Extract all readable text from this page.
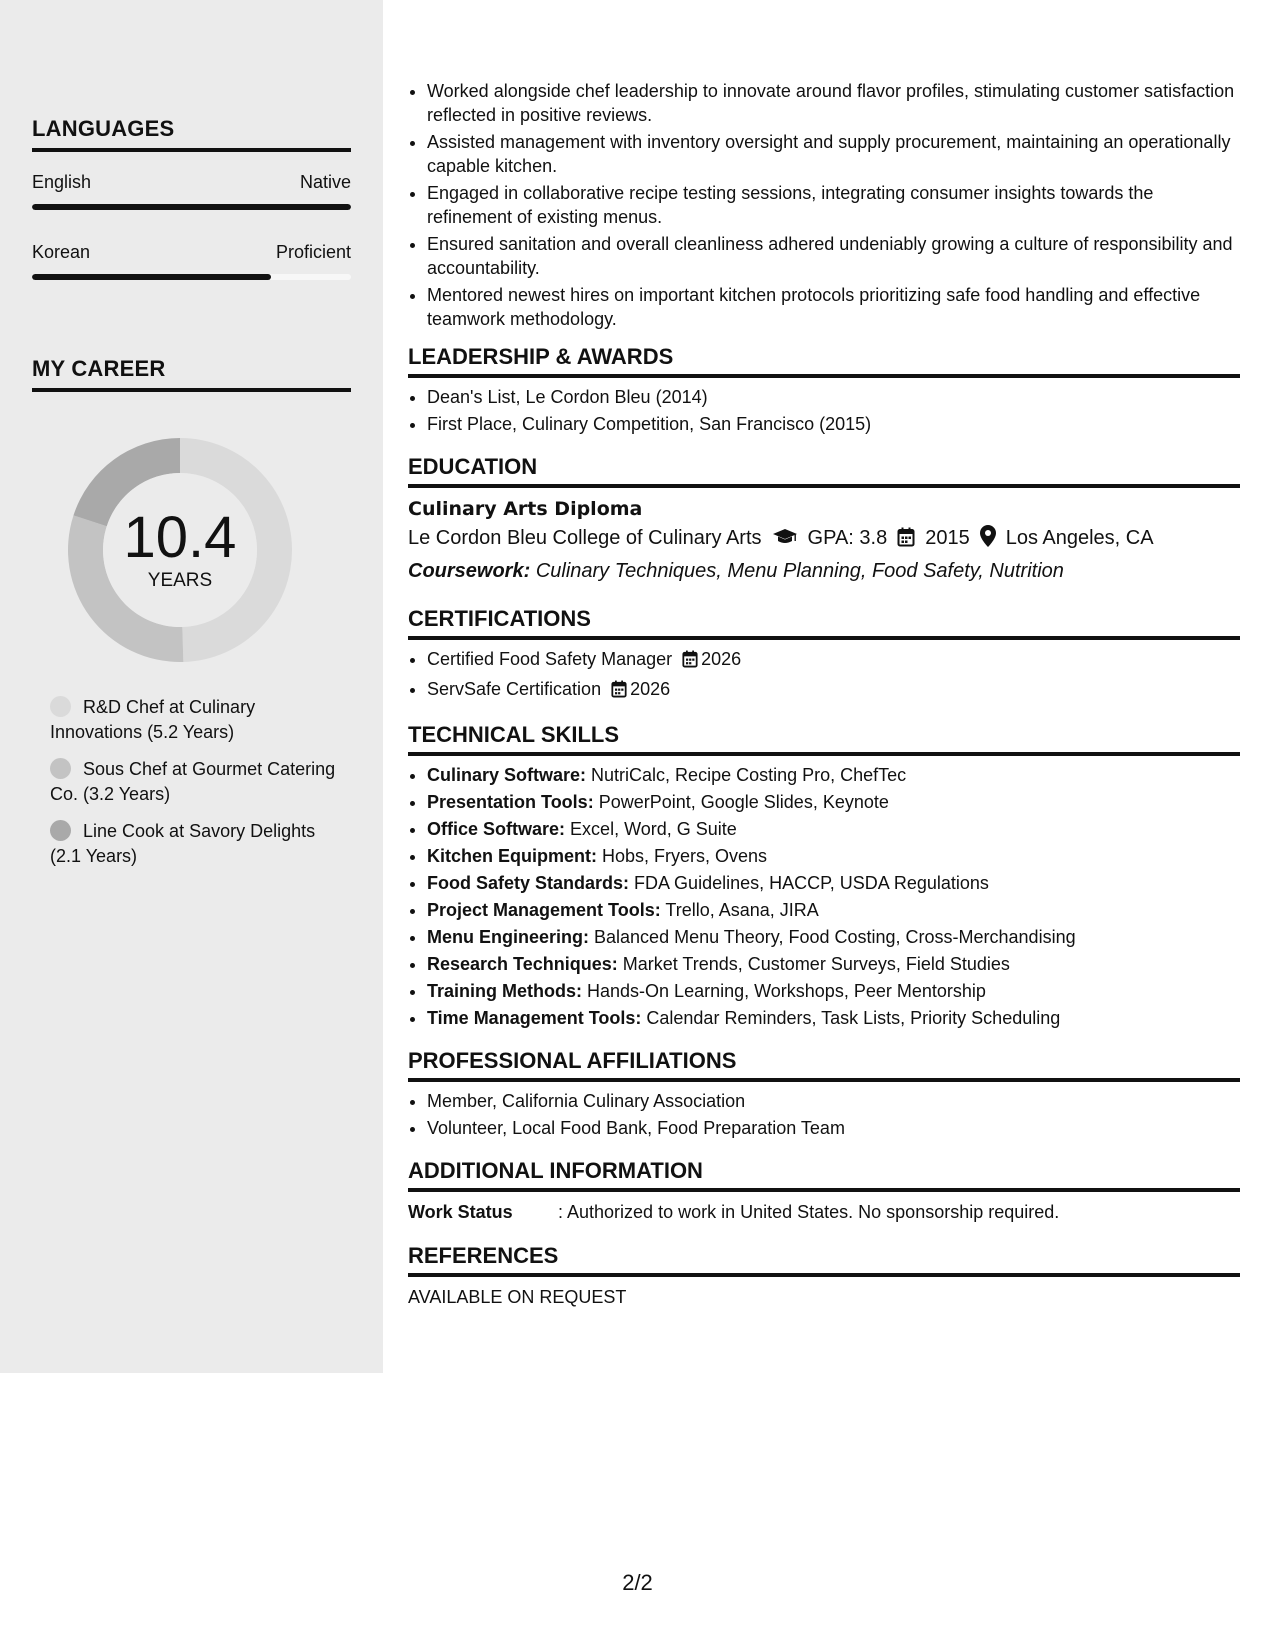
LANGUAGES
English	Native
Korean	Proficient
MY CAREER
10.4
YEARS
R&D Chef at Culinary Innovations (5.2 Years)
Sous Chef at Gourmet Catering Co. (3.2 Years)
Line Cook at Savory Delights (2.1 Years)
• Worked alongside chef leadership to innovate around flavor profiles, stimulating customer satisfaction reflected in positive reviews.
• Assisted management with inventory oversight and supply procurement, maintaining an operationally capable kitchen.
• Engaged in collaborative recipe testing sessions, integrating consumer insights towards the refinement of existing menus.
• Ensured sanitation and overall cleanliness adhered undeniably growing a culture of responsibility and accountability.
• Mentored newest hires on important kitchen protocols prioritizing safe food handling and effective teamwork methodology.
LEADERSHIP & AWARDS
• Dean's List, Le Cordon Bleu (2014)
• First Place, Culinary Competition, San Francisco (2015)
EDUCATION
Culinary Arts Diploma
Le Cordon Bleu College of Culinary Arts GPA: 3.8 2015 Los Angeles, CA
Coursework: Culinary Techniques, Menu Planning, Food Safety, Nutrition
CERTIFICATIONS
• Certified Food Safety Manager 2026
• ServSafe Certification 2026
TECHNICAL SKILLS
• Culinary Software: NutriCalc, Recipe Costing Pro, ChefTec
• Presentation Tools: PowerPoint, Google Slides, Keynote
• Office Software: Excel, Word, G Suite
• Kitchen Equipment: Hobs, Fryers, Ovens
• Food Safety Standards: FDA Guidelines, HACCP, USDA Regulations
• Project Management Tools: Trello, Asana, JIRA
• Menu Engineering: Balanced Menu Theory, Food Costing, Cross-Merchandising
• Research Techniques: Market Trends, Customer Surveys, Field Studies
• Training Methods: Hands-On Learning, Workshops, Peer Mentorship
• Time Management Tools: Calendar Reminders, Task Lists, Priority Scheduling
PROFESSIONAL AFFILIATIONS
• Member, California Culinary Association
• Volunteer, Local Food Bank, Food Preparation Team
ADDITIONAL INFORMATION
Work Status	: Authorized to work in United States. No sponsorship required.
REFERENCES
AVAILABLE ON REQUEST
2/2
